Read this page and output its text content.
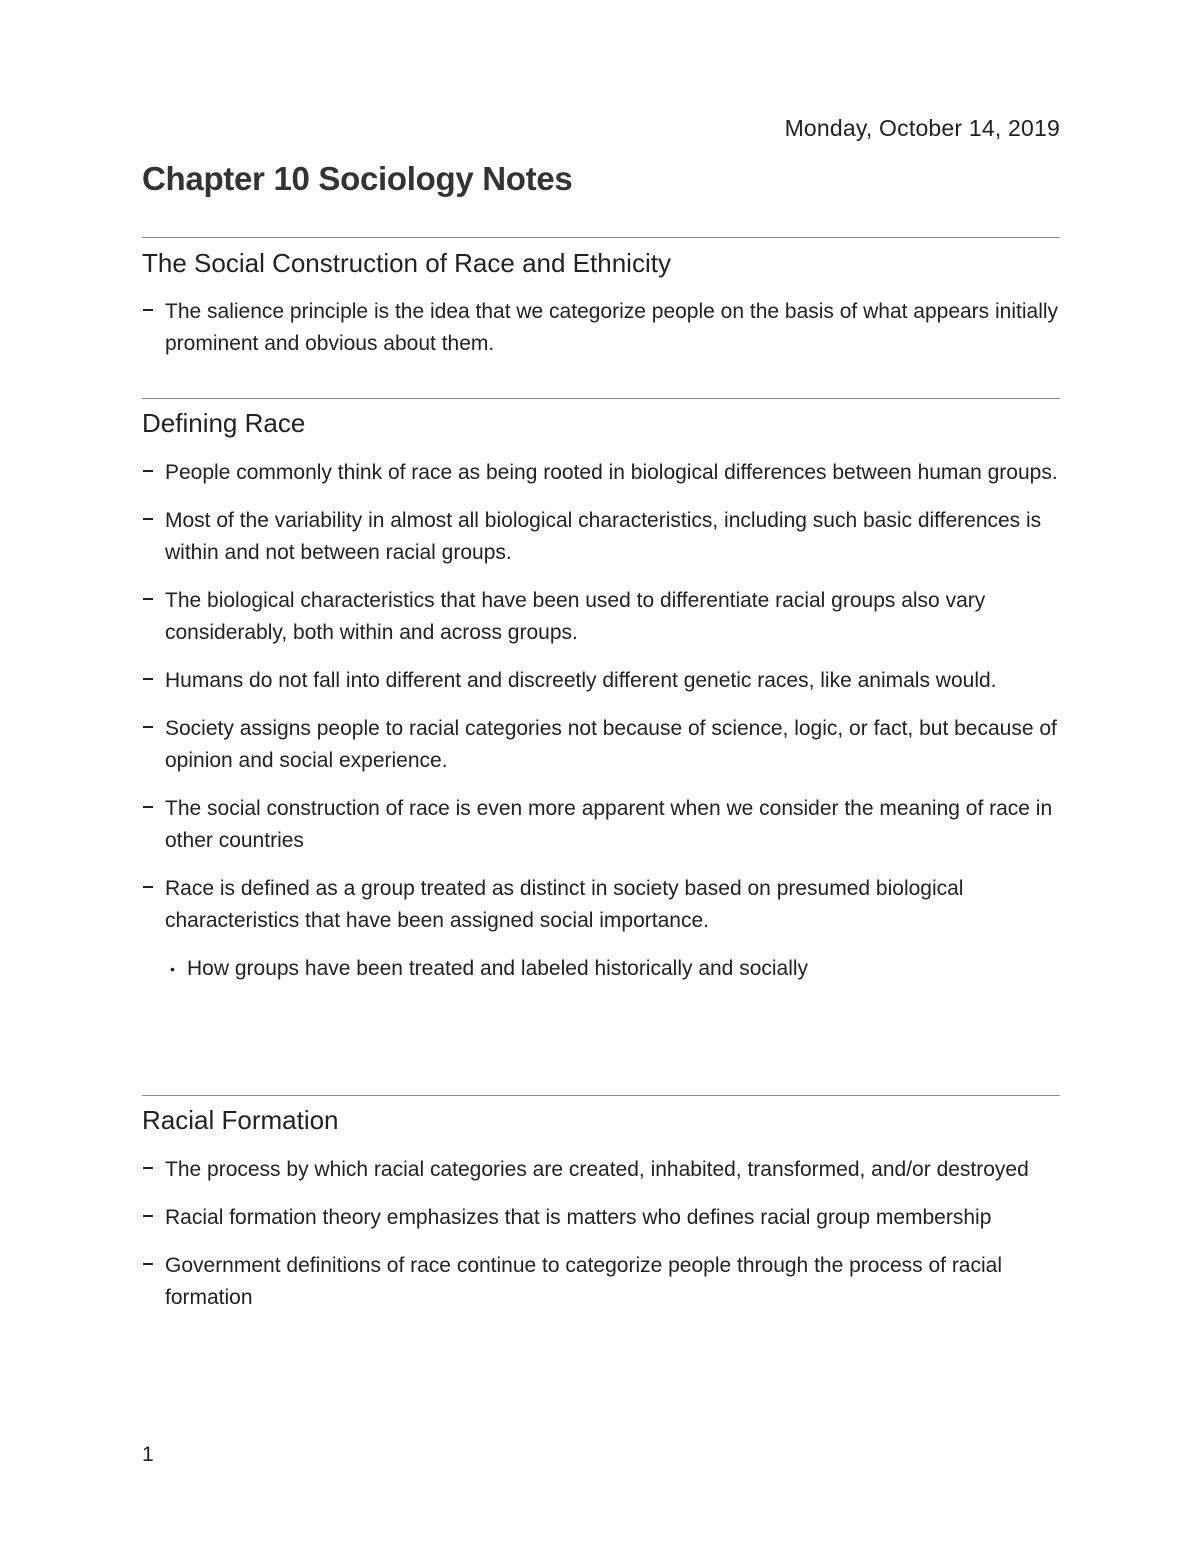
Monday, October 14, 2019
Chapter 10 Sociology Notes
The Social Construction of Race and Ethnicity
The salience principle is the idea that we categorize people on the basis of what appears initially prominent and obvious about them.
Defining Race
People commonly think of race as being rooted in biological differences between human groups.
Most of the variability in almost all biological characteristics, including such basic differences is within and not between racial groups.
The biological characteristics that have been used to differentiate racial groups also vary considerably, both within and across groups.
Humans do not fall into different and discreetly different genetic races, like animals would.
Society assigns people to racial categories not because of science, logic, or fact, but because of opinion and social experience.
The social construction of race is even more apparent when we consider the meaning of race in other countries
Race is defined as a group treated as distinct in society based on presumed biological characteristics that have been assigned social importance.
• How groups have been treated and labeled historically and socially
Racial Formation
The process by which racial categories are created, inhabited, transformed, and/or destroyed
Racial formation theory emphasizes that is matters who defines racial group membership
Government definitions of race continue to categorize people through the process of racial formation
1
